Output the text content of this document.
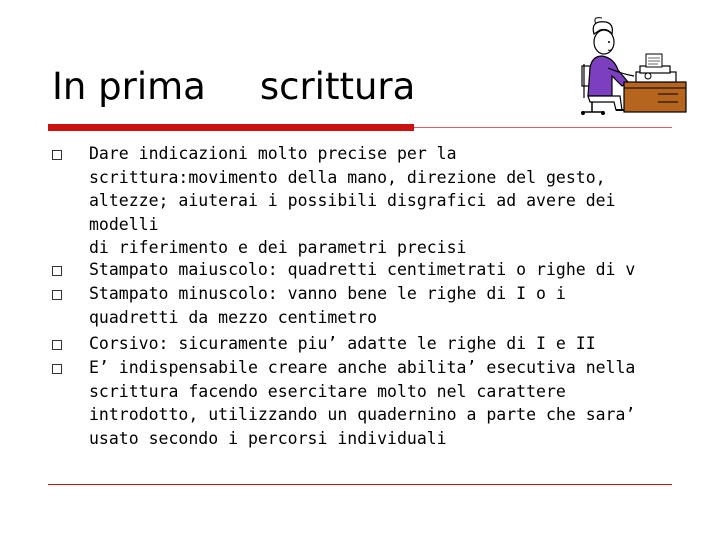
In prima scrittura

Dare indicazioni molto precise per la
scrittura:movimento della mano, direzione del gesto,
altezze; aiuterai i possibili disgrafici ad avere dei modelli
di riferimento e dei parametri precisi

Stampato maiuscolo: quadretti centimetrati o righe di v

Stampato minuscolo: vanno bene le righe di I o i
quadretti da mezzo centimetro

Corsivo: sicuramente piu’ adatte le righe di I e II

E’ indispensabile creare anche abilita’ esecutiva nella
scrittura facendo esercitare molto nel carattere
introdotto, utilizzando un quadernino a parte che sara’
usato secondo i percorsi individuali
